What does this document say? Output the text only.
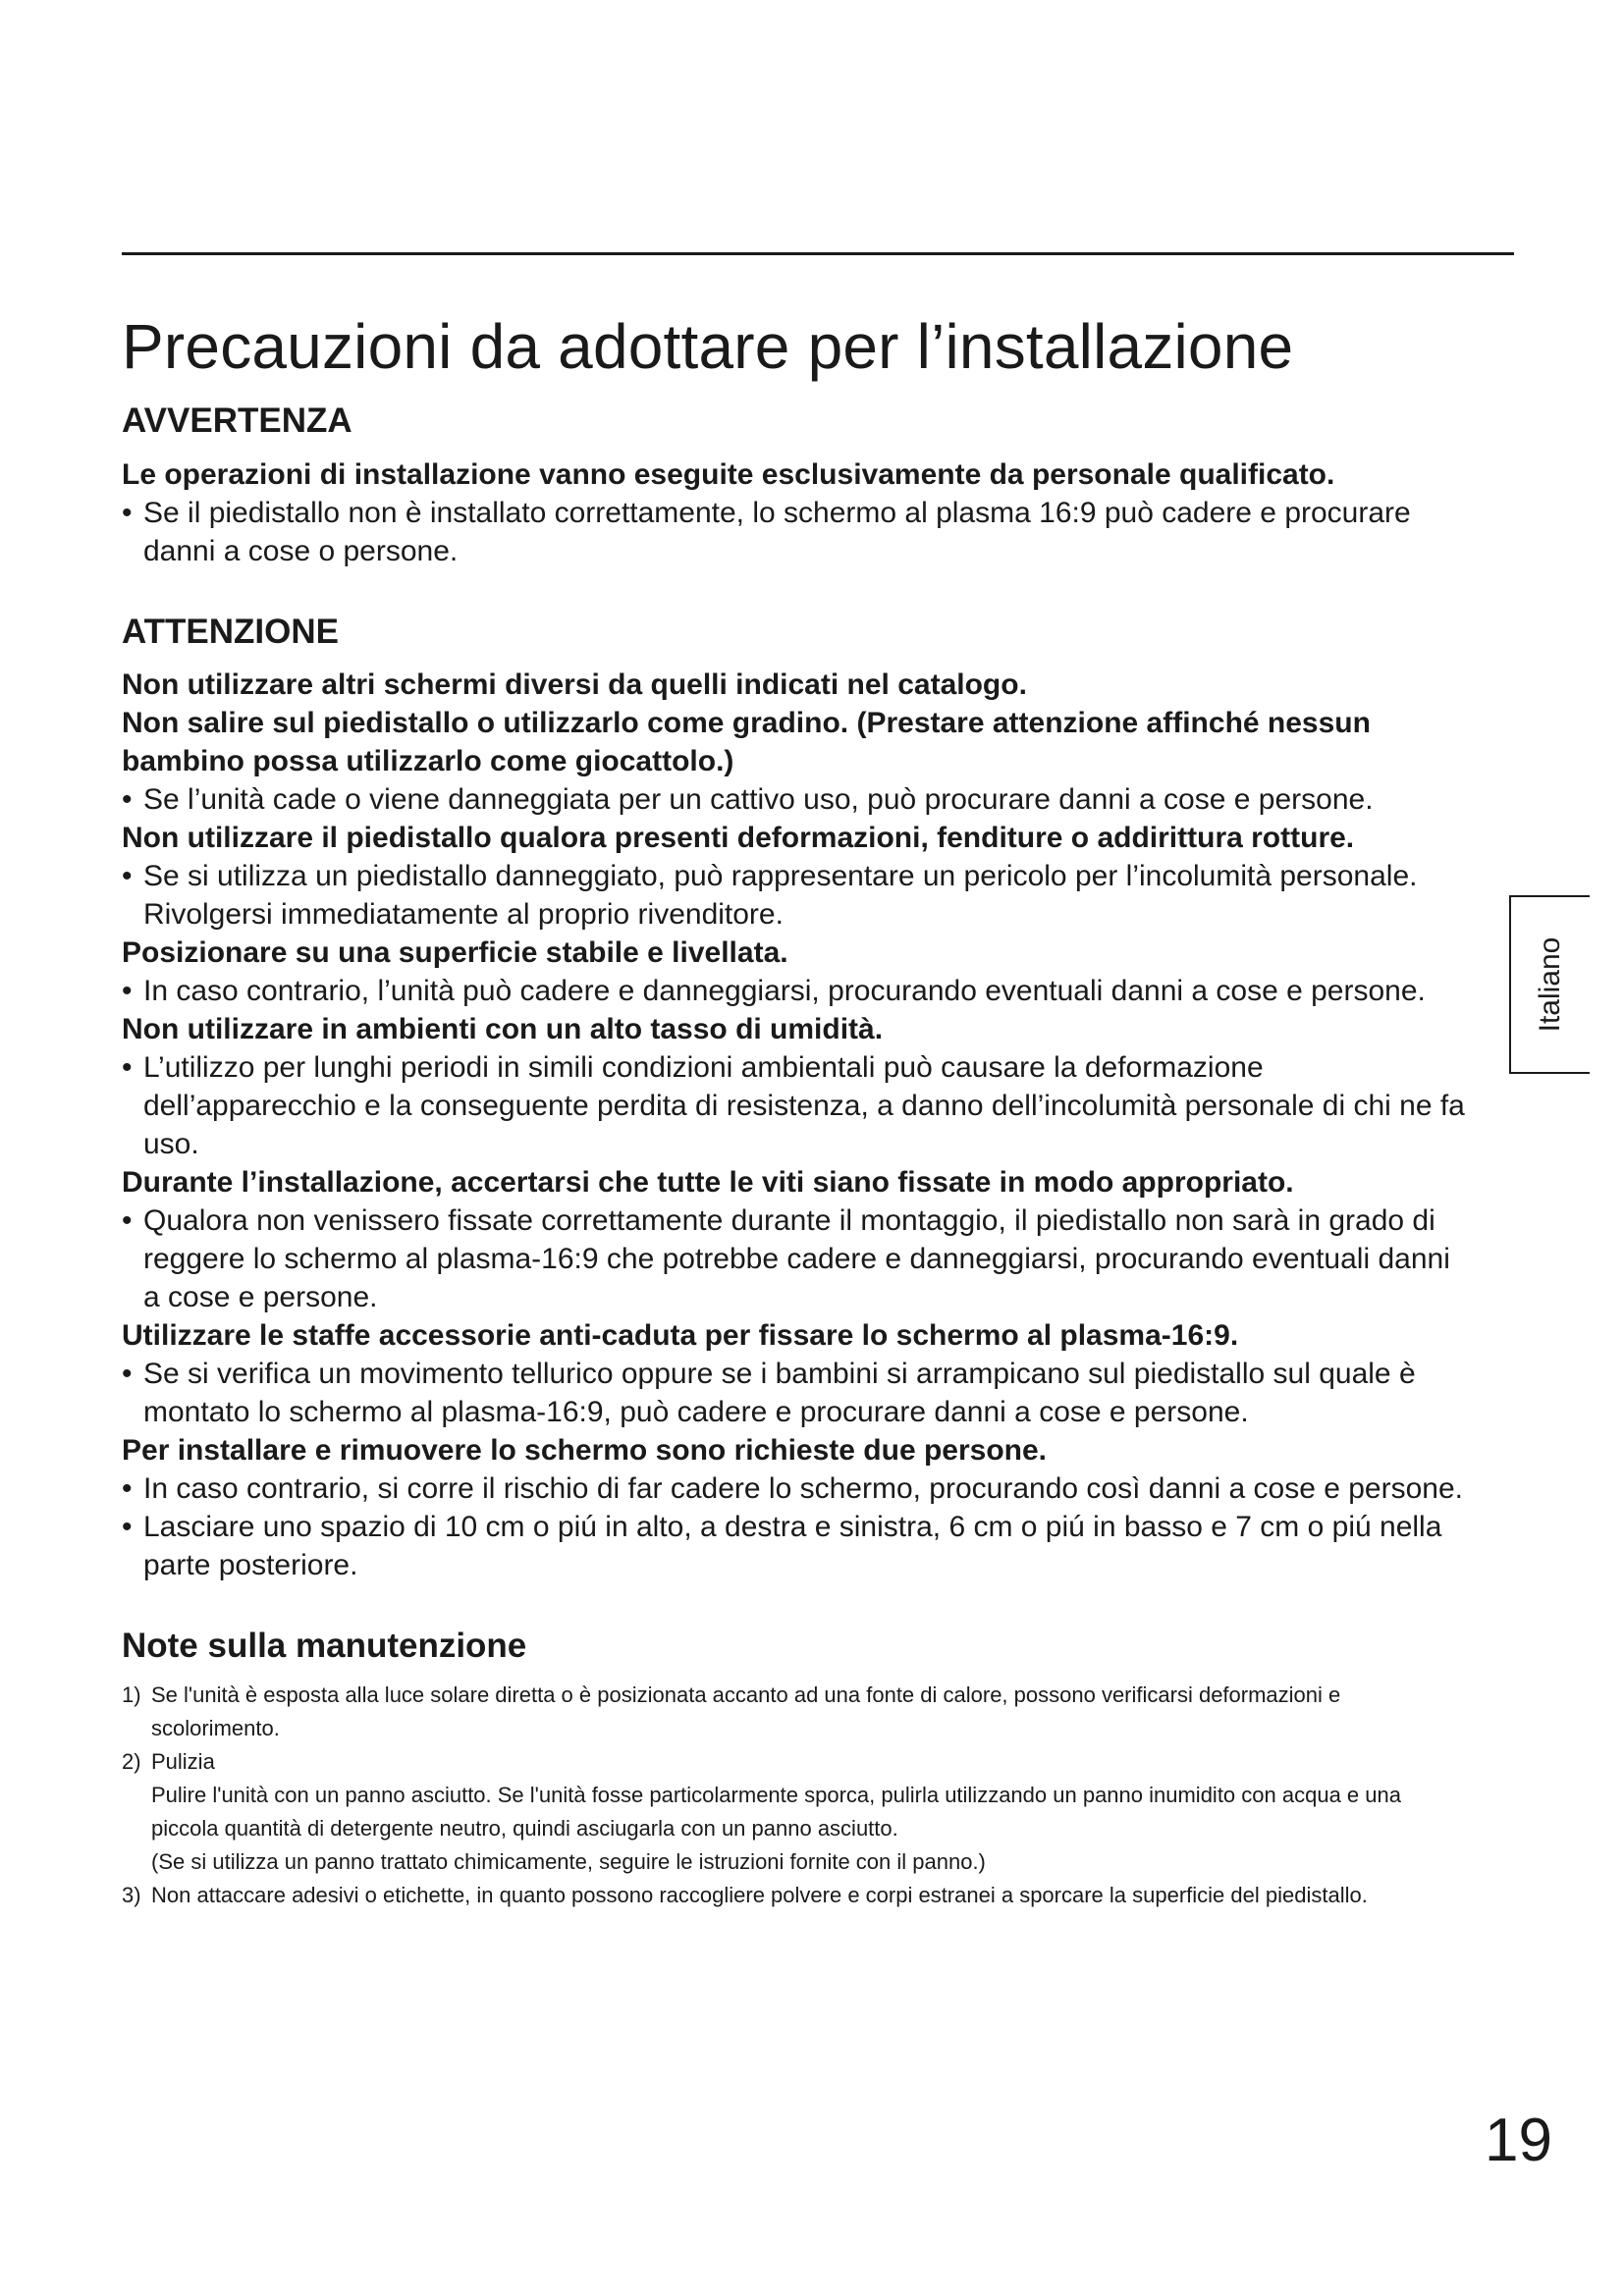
Precauzioni da adottare per l’installazione
AVVERTENZA

Le operazioni di installazione vanno eseguite esclusivamente da personale qualificato.

• Se il piedistallo non è installato correttamente, lo schermo al plasma 16:9 può cadere e procurare danni a cose o persone.

ATTENZIONE

Non utilizzare altri schermi diversi da quelli indicati nel catalogo.

Non salire sul piedistallo o utilizzarlo come gradino. (Prestare attenzione affinché nessun bambino possa utilizzarlo come giocattolo.)

• Se l’unità cade o viene danneggiata per un cattivo uso, può procurare danni a cose e persone.

Non utilizzare il piedistallo qualora presenti deformazioni, fenditure o addirittura rotture.

• Se si utilizza un piedistallo danneggiato, può rappresentare un pericolo per l’incolumità personale. Rivolgersi immediatamente al proprio rivenditore.

Posizionare su una superficie stabile e livellata.

• In caso contrario, l’unità può cadere e danneggiarsi, procurando eventuali danni a cose e persone.

Non utilizzare in ambienti con un alto tasso di umidità.

• L’utilizzo per lunghi periodi in simili condizioni ambientali può causare la deformazione dell’apparecchio e la conseguente perdita di resistenza, a danno dell’incolumità personale di chi ne fa uso.

Durante l’installazione, accertarsi che tutte le viti siano fissate in modo appropriato.

• Qualora non venissero fissate correttamente durante il montaggio, il piedistallo non sarà in grado di reggere lo schermo al plasma-16:9 che potrebbe cadere e danneggiarsi, procurando eventuali danni a cose e persone.

Utilizzare le staffe accessorie anti-caduta per fissare lo schermo al plasma-16:9.

• Se si verifica un movimento tellurico oppure se i bambini si arrampicano sul piedistallo sul quale è montato lo schermo al plasma-16:9, può cadere e procurare danni a cose e persone.

Per installare e rimuovere lo schermo sono richieste due persone.

• In caso contrario, si corre il rischio di far cadere lo schermo, procurando così danni a cose e persone.

• Lasciare uno spazio di 10 cm o piú in alto, a destra e sinistra, 6 cm o piú in basso e 7 cm o piú nella parte posteriore.

Note sulla manutenzione

1) Se l'unità è esposta alla luce solare diretta o è posizionata accanto ad una fonte di calore, possono verificarsi deformazioni e scolorimento.

2) Pulizia

Pulire l'unità con un panno asciutto. Se l'unità fosse particolarmente sporca, pulirla utilizzando un panno inumidito con acqua e una piccola quantità di detergente neutro, quindi asciugarla con un panno asciutto.

(Se si utilizza un panno trattato chimicamente, seguire le istruzioni fornite con il panno.)

3) Non attaccare adesivi o etichette, in quanto possono raccogliere polvere e corpi estranei a sporcare la superficie del piedistallo.

Italiano
19
